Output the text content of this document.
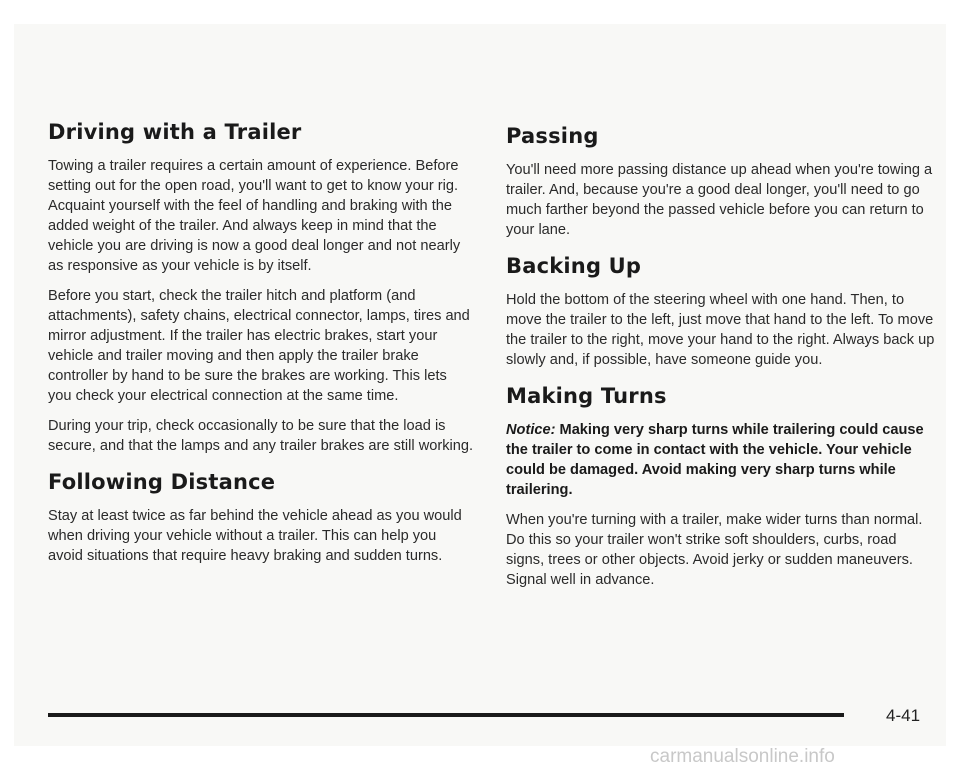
Driving with a Trailer

Towing a trailer requires a certain amount of experience. Before setting out for the open road, you'll want to get to know your rig. Acquaint yourself with the feel of handling and braking with the added weight of the trailer. And always keep in mind that the vehicle you are driving is now a good deal longer and not nearly as responsive as your vehicle is by itself.

Before you start, check the trailer hitch and platform (and attachments), safety chains, electrical connector, lamps, tires and mirror adjustment. If the trailer has electric brakes, start your vehicle and trailer moving and then apply the trailer brake controller by hand to be sure the brakes are working. This lets you check your electrical connection at the same time.

During your trip, check occasionally to be sure that the load is secure, and that the lamps and any trailer brakes are still working.

Following Distance

Stay at least twice as far behind the vehicle ahead as you would when driving your vehicle without a trailer. This can help you avoid situations that require heavy braking and sudden turns.

Passing

You'll need more passing distance up ahead when you're towing a trailer. And, because you're a good deal longer, you'll need to go much farther beyond the passed vehicle before you can return to your lane.

Backing Up

Hold the bottom of the steering wheel with one hand. Then, to move the trailer to the left, just move that hand to the left. To move the trailer to the right, move your hand to the right. Always back up slowly and, if possible, have someone guide you.

Making Turns

Notice: Making very sharp turns while trailering could cause the trailer to come in contact with the vehicle. Your vehicle could be damaged. Avoid making very sharp turns while trailering.

When you're turning with a trailer, make wider turns than normal. Do this so your trailer won't strike soft shoulders, curbs, road signs, trees or other objects. Avoid jerky or sudden maneuvers. Signal well in advance.

4-41
carmanualsonline.info
